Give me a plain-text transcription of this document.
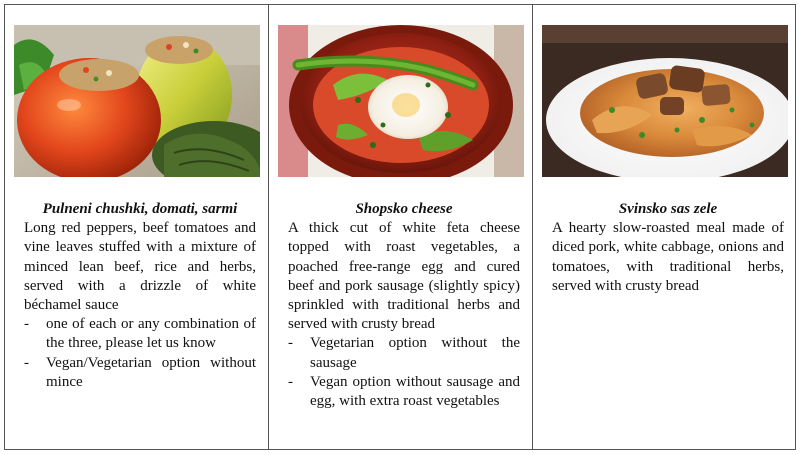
Pulneni chushki, domati, sarmi

Long red peppers, beef tomatoes and vine leaves stuffed with a mixture of minced lean beef, rice and herbs, served with a drizzle of white béchamel sauce

- one of each or any combination of the three, please let us know
- Vegan/Vegetarian option without mince

Shopsko cheese

A thick cut of white feta cheese topped with roast vegetables, a poached free-range egg and cured beef and pork sausage (slightly spicy) sprinkled with traditional herbs and served with crusty bread

- Vegetarian option without the sausage
- Vegan option without sausage and egg, with extra roast vegetables

Svinsko sas zele

A hearty slow-roasted meal made of diced pork, white cabbage, onions and tomatoes, with traditional herbs, served with crusty bread
